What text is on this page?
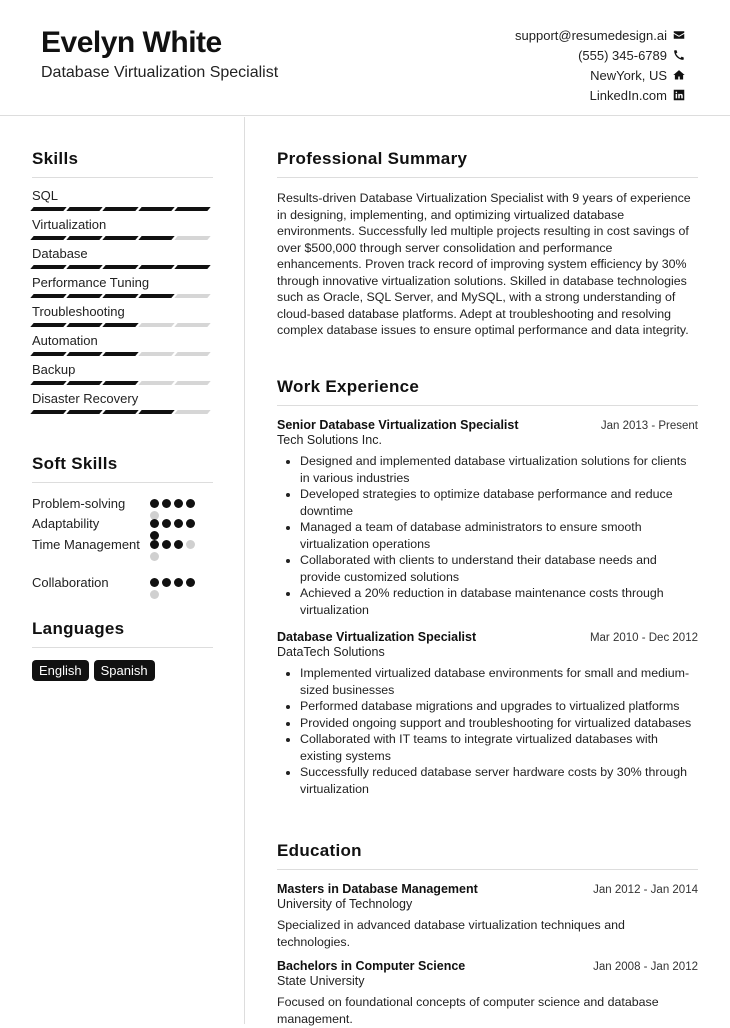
Evelyn White
Database Virtualization Specialist
support@resumedesign.ai
(555) 345-6789
NewYork, US
LinkedIn.com
Skills
SQL
Virtualization
Database
Performance Tuning
Troubleshooting
Automation
Backup
Disaster Recovery
Soft Skills
Problem-solving
Adaptability
Time Management
Collaboration
Languages
English	Spanish
Professional Summary

Results-driven Database Virtualization Specialist with 9 years of experience in designing, implementing, and optimizing virtualized database environments. Successfully led multiple projects resulting in cost savings of over $500,000 through server consolidation and performance enhancements. Proven track record of improving system efficiency by 30% through innovative virtualization solutions. Skilled in database technologies such as Oracle, SQL Server, and MySQL, with a strong understanding of cloud-based database platforms. Adept at troubleshooting and resolving complex database issues to ensure optimal performance and data integrity.

Work Experience
Senior Database Virtualization Specialist	Jan 2013 - Present
Tech Solutions Inc.
• Designed and implemented database virtualization solutions for clients in various industries
• Developed strategies to optimize database performance and reduce downtime
• Managed a team of database administrators to ensure smooth virtualization operations
• Collaborated with clients to understand their database needs and provide customized solutions
• Achieved a 20% reduction in database maintenance costs through virtualization
Database Virtualization Specialist	Mar 2010 - Dec 2012
DataTech Solutions
• Implemented virtualized database environments for small and medium-sized businesses
• Performed database migrations and upgrades to virtualized platforms
• Provided ongoing support and troubleshooting for virtualized databases
• Collaborated with IT teams to integrate virtualized databases with existing systems
• Successfully reduced database server hardware costs by 30% through virtualization
Education
Masters in Database Management	Jan 2012 - Jan 2014
University of Technology
Specialized in advanced database virtualization techniques and technologies.
Bachelors in Computer Science	Jan 2008 - Jan 2012
State University
Focused on foundational concepts of computer science and database management.
